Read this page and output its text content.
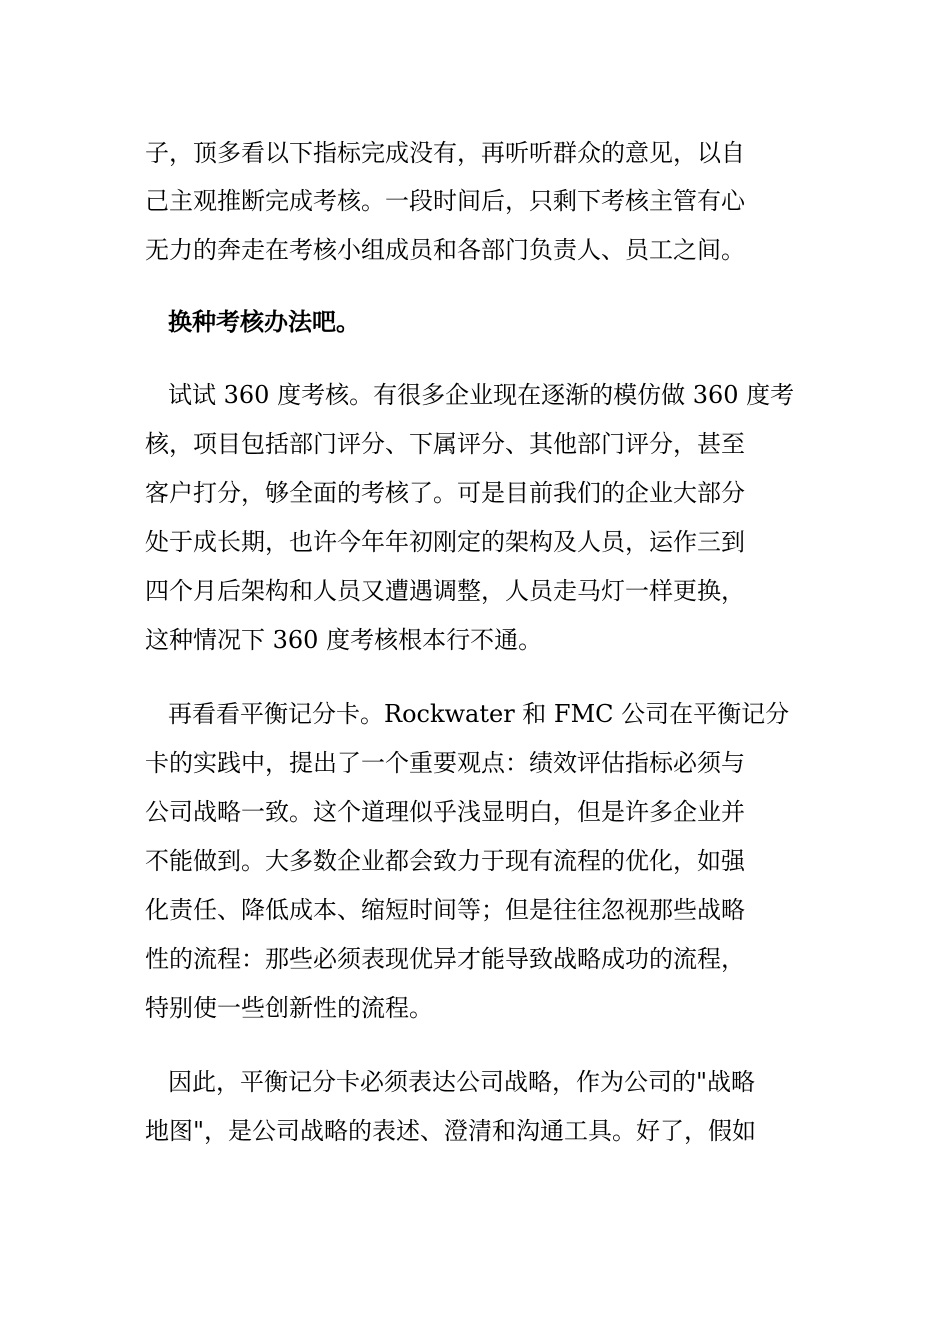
子，顶多看以下指标完成没有，再听听群众的意见，以自
己主观推断完成考核。一段时间后，只剩下考核主管有心
无力的奔走在考核小组成员和各部门负责人、员工之间。
换种考核办法吧。
试试 360 度考核。有很多企业现在逐渐的模仿做 360 度考
核，项目包括部门评分、下属评分、其他部门评分，甚至
客户打分，够全面的考核了。可是目前我们的企业大部分
处于成长期，也许今年年初刚定的架构及人员，运作三到
四个月后架构和人员又遭遇调整，人员走马灯一样更换，
这种情况下 360 度考核根本行不通。
再看看平衡记分卡。Rockwater 和 FMC 公司在平衡记分
卡的实践中，提出了一个重要观点：绩效评估指标必须与
公司战略一致。这个道理似乎浅显明白，但是许多企业并
不能做到。大多数企业都会致力于现有流程的优化，如强
化责任、降低成本、缩短时间等；但是往往忽视那些战略
性的流程：那些必须表现优异才能导致战略成功的流程，
特别使一些创新性的流程。
因此，平衡记分卡必须表达公司战略，作为公司的"战略
地图"，是公司战略的表述、澄清和沟通工具。好了，假如
